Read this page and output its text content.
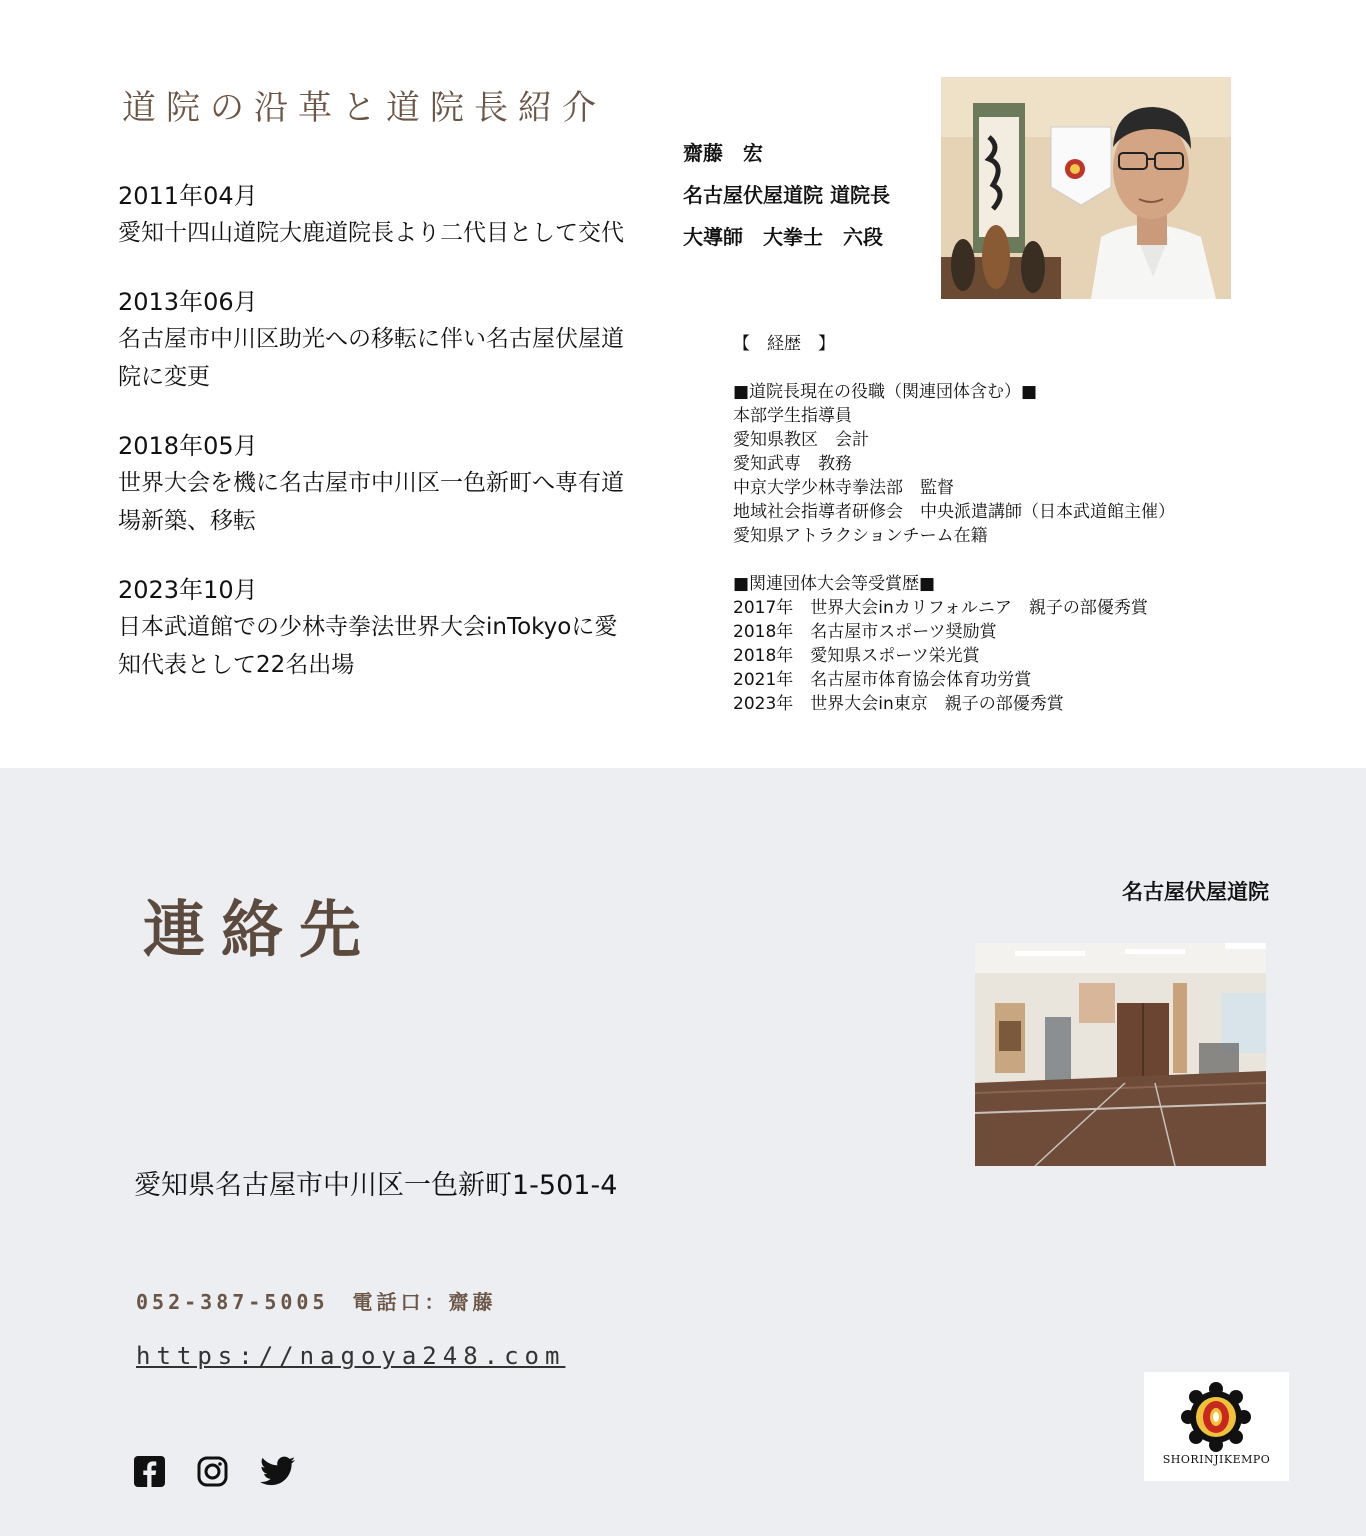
道院の沿革と道院長紹介
2011年04月
愛知十四山道院大鹿道院長より二代目として交代
2013年06月
名古屋市中川区助光への移転に伴い名古屋伏屋道院に変更
2018年05月
世界大会を機に名古屋市中川区一色新町へ専有道場新築、移転
2023年10月
日本武道館での少林寺拳法世界大会inTokyoに愛知代表として22名出場
齋藤　宏
名古屋伏屋道院 道院長
大導師　大拳士　六段
【　経歴　】
■道院長現在の役職（関連団体含む）■
本部学生指導員
愛知県教区　会計
愛知武専　教務
中京大学少林寺拳法部　監督
地域社会指導者研修会　中央派遣講師（日本武道館主催）
愛知県アトラクションチーム在籍
■関連団体大会等受賞歴■
2017年　世界大会inカリフォルニア　親子の部優秀賞
2018年　名古屋市スポーツ奨励賞
2018年　愛知県スポーツ栄光賞
2021年　名古屋市体育協会体育功労賞
2023年　世界大会in東京　親子の部優秀賞
連絡先
名古屋伏屋道院
愛知県名古屋市中川区一色新町1-501-4
052-387-5005　電話口：齋藤
https://nagoya248.com
SHORINJIKEMPO
